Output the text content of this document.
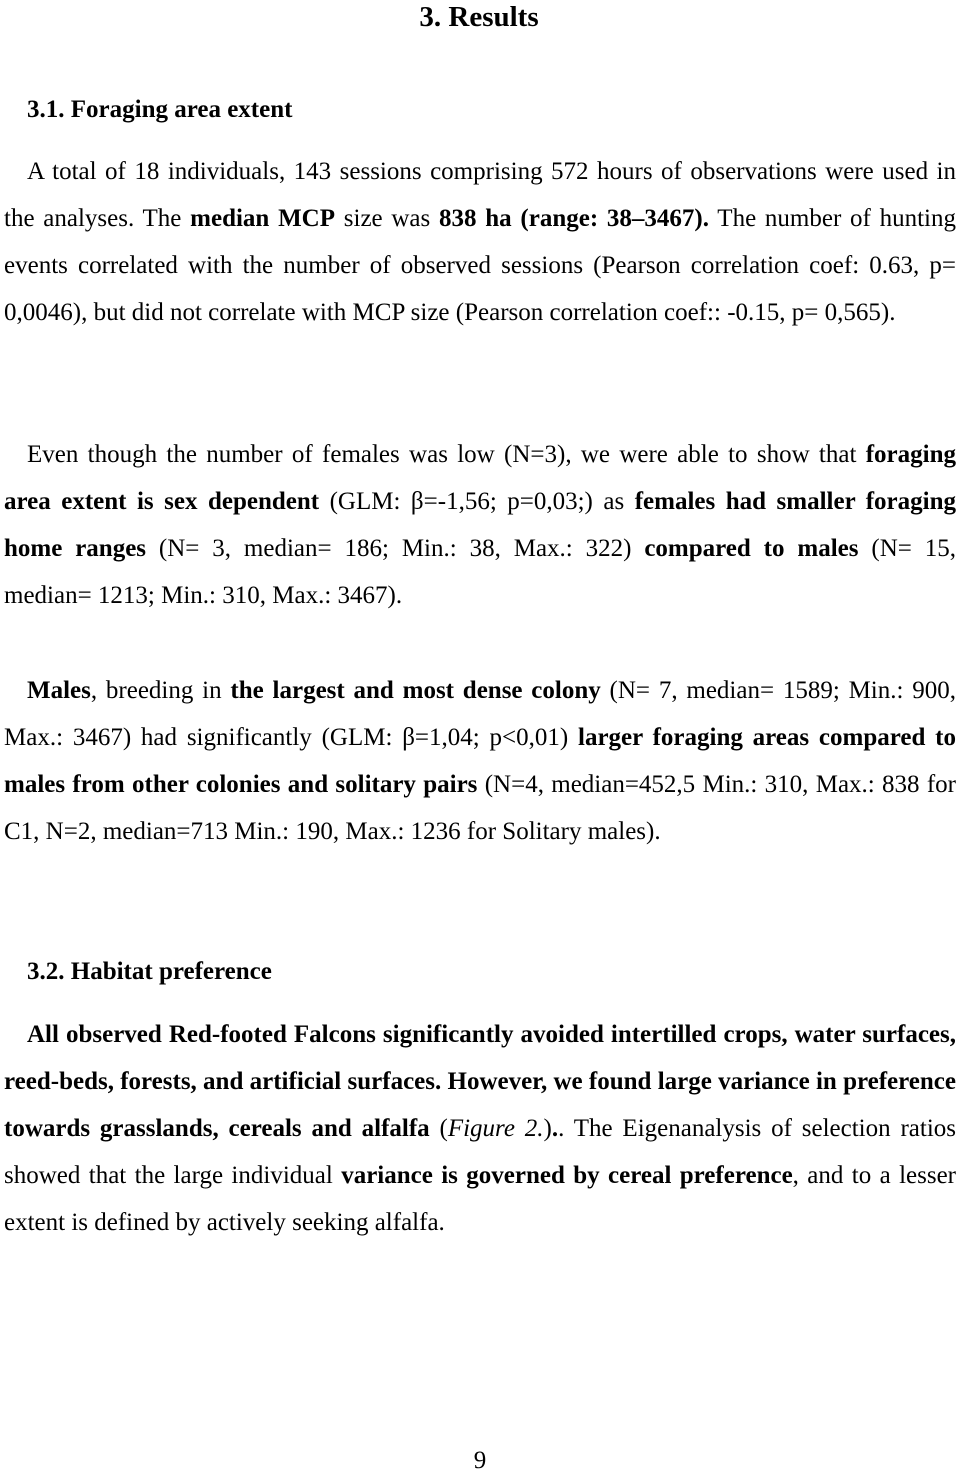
3. Results
3.1. Foraging area extent
A total of 18 individuals, 143 sessions comprising 572 hours of observations were used in the analyses. The median MCP size was 838 ha (range: 38–3467). The number of hunting events correlated with the number of observed sessions (Pearson correlation coef: 0.63, p= 0,0046), but did not correlate with MCP size (Pearson correlation coef:: -0.15, p= 0,565).
Even though the number of females was low (N=3), we were able to show that foraging area extent is sex dependent (GLM: β=-1,56; p=0,03;) as females had smaller foraging home ranges (N= 3, median= 186; Min.: 38, Max.: 322) compared to males (N= 15, median= 1213; Min.: 310, Max.: 3467).
Males, breeding in the largest and most dense colony (N= 7, median= 1589; Min.: 900, Max.: 3467) had significantly (GLM: β=1,04; p<0,01) larger foraging areas compared to males from other colonies and solitary pairs (N=4, median=452,5 Min.: 310, Max.: 838 for C1, N=2, median=713 Min.: 190, Max.: 1236 for Solitary males).
3.2. Habitat preference
All observed Red-footed Falcons significantly avoided intertilled crops, water surfaces, reed-beds, forests, and artificial surfaces. However, we found large variance in preference towards grasslands, cereals and alfalfa (Figure 2.).. The Eigenanalysis of selection ratios showed that the large individual variance is governed by cereal preference, and to a lesser extent is defined by actively seeking alfalfa.
9
